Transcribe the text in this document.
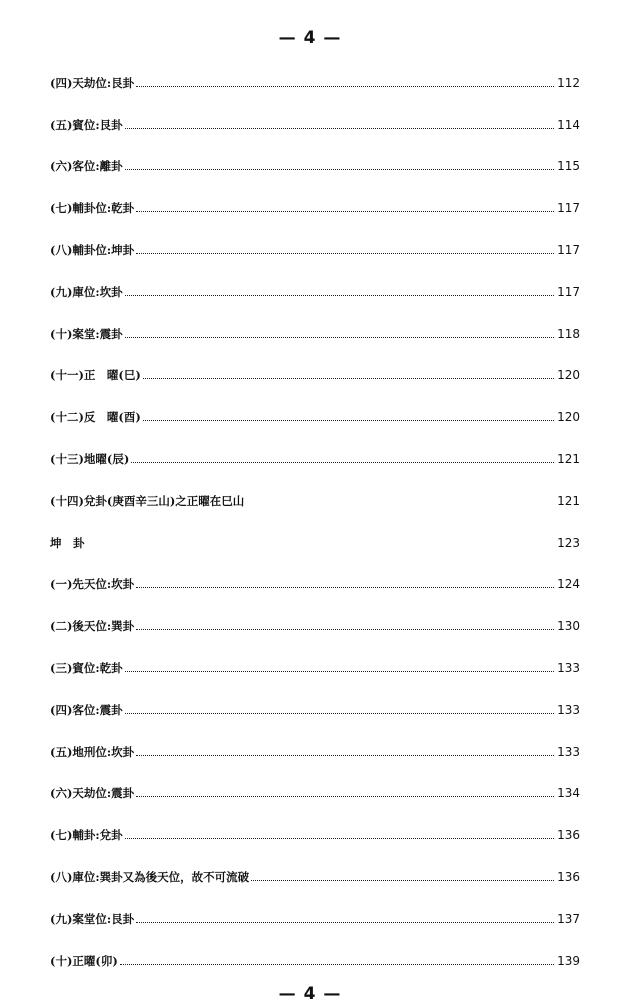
— 4 —
(四)天劫位:艮卦	112
(五)賓位:艮卦	114
(六)客位:離卦	115
(七)輔卦位:乾卦	117
(八)輔卦位:坤卦	117
(九)庫位:坎卦	117
(十)案堂:震卦	118
(十一)正　曜(巳)	120
(十二)反　曜(酉)	120
(十三)地曜(辰)	121
(十四)兌卦(庚酉辛三山)之正曜在巳山	121
坤　卦	123
(一)先天位:坎卦	124
(二)後天位:巽卦	130
(三)賓位:乾卦	133
(四)客位:震卦	133
(五)地刑位:坎卦	133
(六)天劫位:震卦	134
(七)輔卦:兌卦	136
(八)庫位:巽卦又為後天位，故不可流破	136
(九)案堂位:艮卦	137
(十)正曜(卯)	139
— 4 —
